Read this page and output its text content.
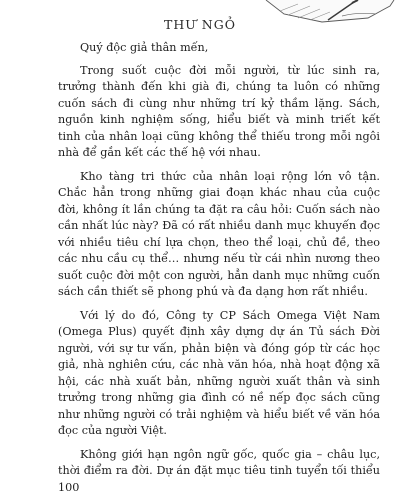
THƯ NGỎ

Quý độc giả thân mến,

Trong suốt cuộc đời mỗi người, từ lúc sinh ra, trưởng thành đến khi già đi, chúng ta luôn có những cuốn sách đi cùng như những trí kỷ thầm lặng. Sách, nguồn kinh nghiệm sống, hiểu biết và minh triết kết tinh của nhân loại cũng không thể thiếu trong mỗi ngôi nhà để gắn kết các thế hệ với nhau.

Kho tàng tri thức của nhân loại rộng lớn vô tận. Chắc hẳn trong những giai đoạn khác nhau của cuộc đời, không ít lần chúng ta đặt ra câu hỏi: Cuốn sách nào cần nhất lúc này? Đã có rất nhiều danh mục khuyến đọc với nhiều tiêu chí lựa chọn, theo thể loại, chủ đề, theo các nhu cầu cụ thể… nhưng nếu từ cái nhìn nương theo suốt cuộc đời một con người, hẳn danh mục những cuốn sách cần thiết sẽ phong phú và đa dạng hơn rất nhiều.

Với lý do đó, Công ty CP Sách Omega Việt Nam (Omega Plus) quyết định xây dựng dự án Tủ sách Đời người, với sự tư vấn, phản biện và đóng góp từ các học giả, nhà nghiên cứu, các nhà văn hóa, nhà hoạt động xã hội, các nhà xuất bản, những người xuất thân và sinh trưởng trong những gia đình có nề nếp đọc sách cũng như những người có trải nghiệm và hiểu biết về văn hóa đọc của người Việt.

Không giới hạn ngôn ngữ gốc, quốc gia – châu lục, thời điểm ra đời. Dự án đặt mục tiêu tinh tuyển tối thiểu 100
